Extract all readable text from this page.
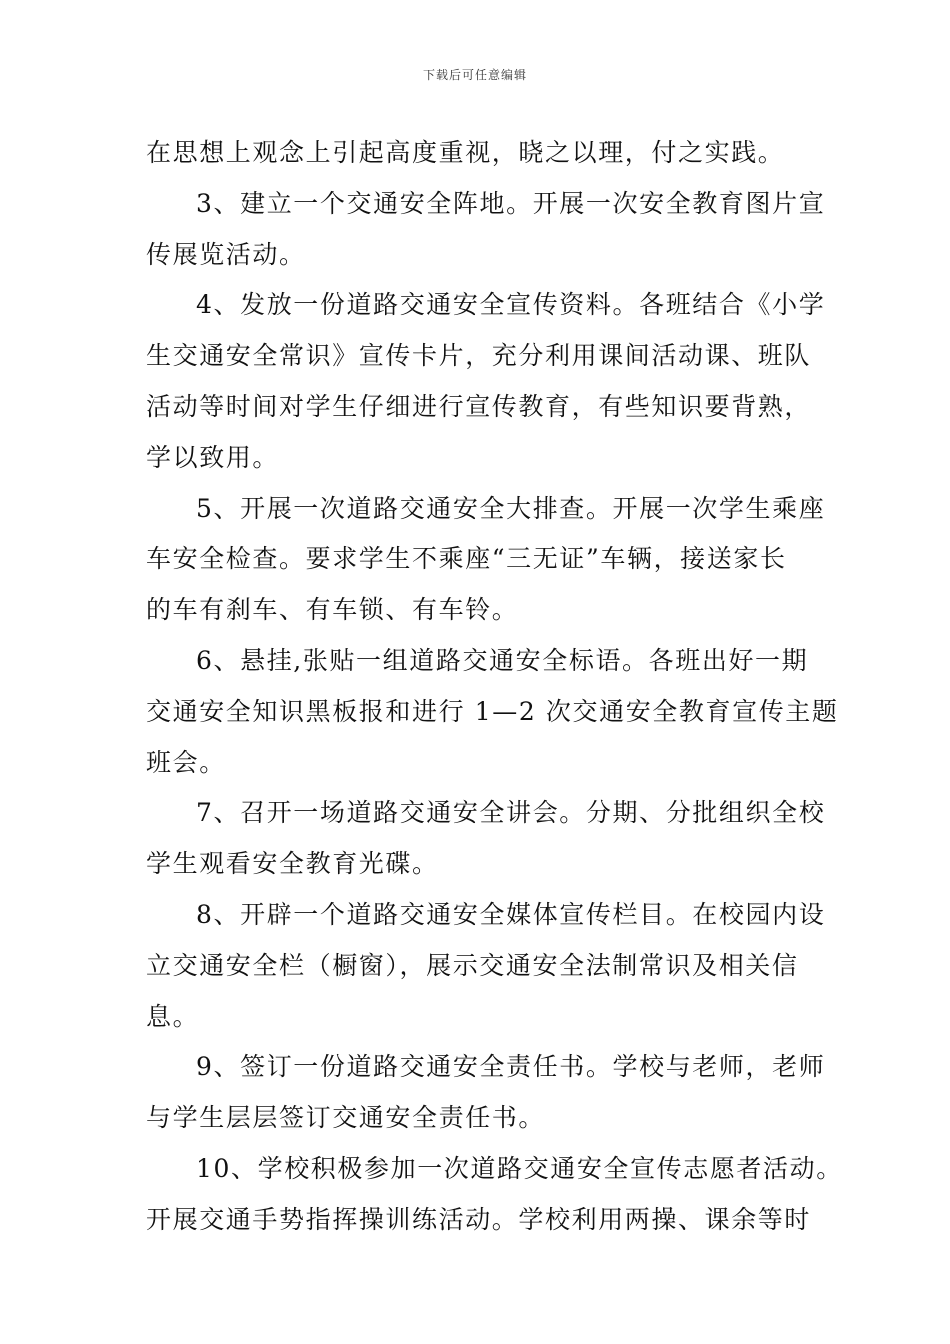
下载后可任意编辑
在思想上观念上引起高度重视，晓之以理，付之实践。
3、建立一个交通安全阵地。开展一次安全教育图片宣
传展览活动。
4、发放一份道路交通安全宣传资料。各班结合《小学
生交通安全常识》宣传卡片，充分利用课间活动课、班队
活动等时间对学生仔细进行宣传教育，有些知识要背熟，
学以致用。
5、开展一次道路交通安全大排查。开展一次学生乘座
车安全检查。要求学生不乘座“三无证”车辆，接送家长
的车有刹车、有车锁、有车铃。
6、悬挂,张贴一组道路交通安全标语。各班出好一期
交通安全知识黑板报和进行 1—2 次交通安全教育宣传主题
班会。
7、召开一场道路交通安全讲会。分期、分批组织全校
学生观看安全教育光碟。
8、开辟一个道路交通安全媒体宣传栏目。在校园内设
立交通安全栏（橱窗），展示交通安全法制常识及相关信
息。
9、签订一份道路交通安全责任书。学校与老师，老师
与学生层层签订交通安全责任书。
10、学校积极参加一次道路交通安全宣传志愿者活动。
开展交通手势指挥操训练活动。学校利用两操、课余等时
